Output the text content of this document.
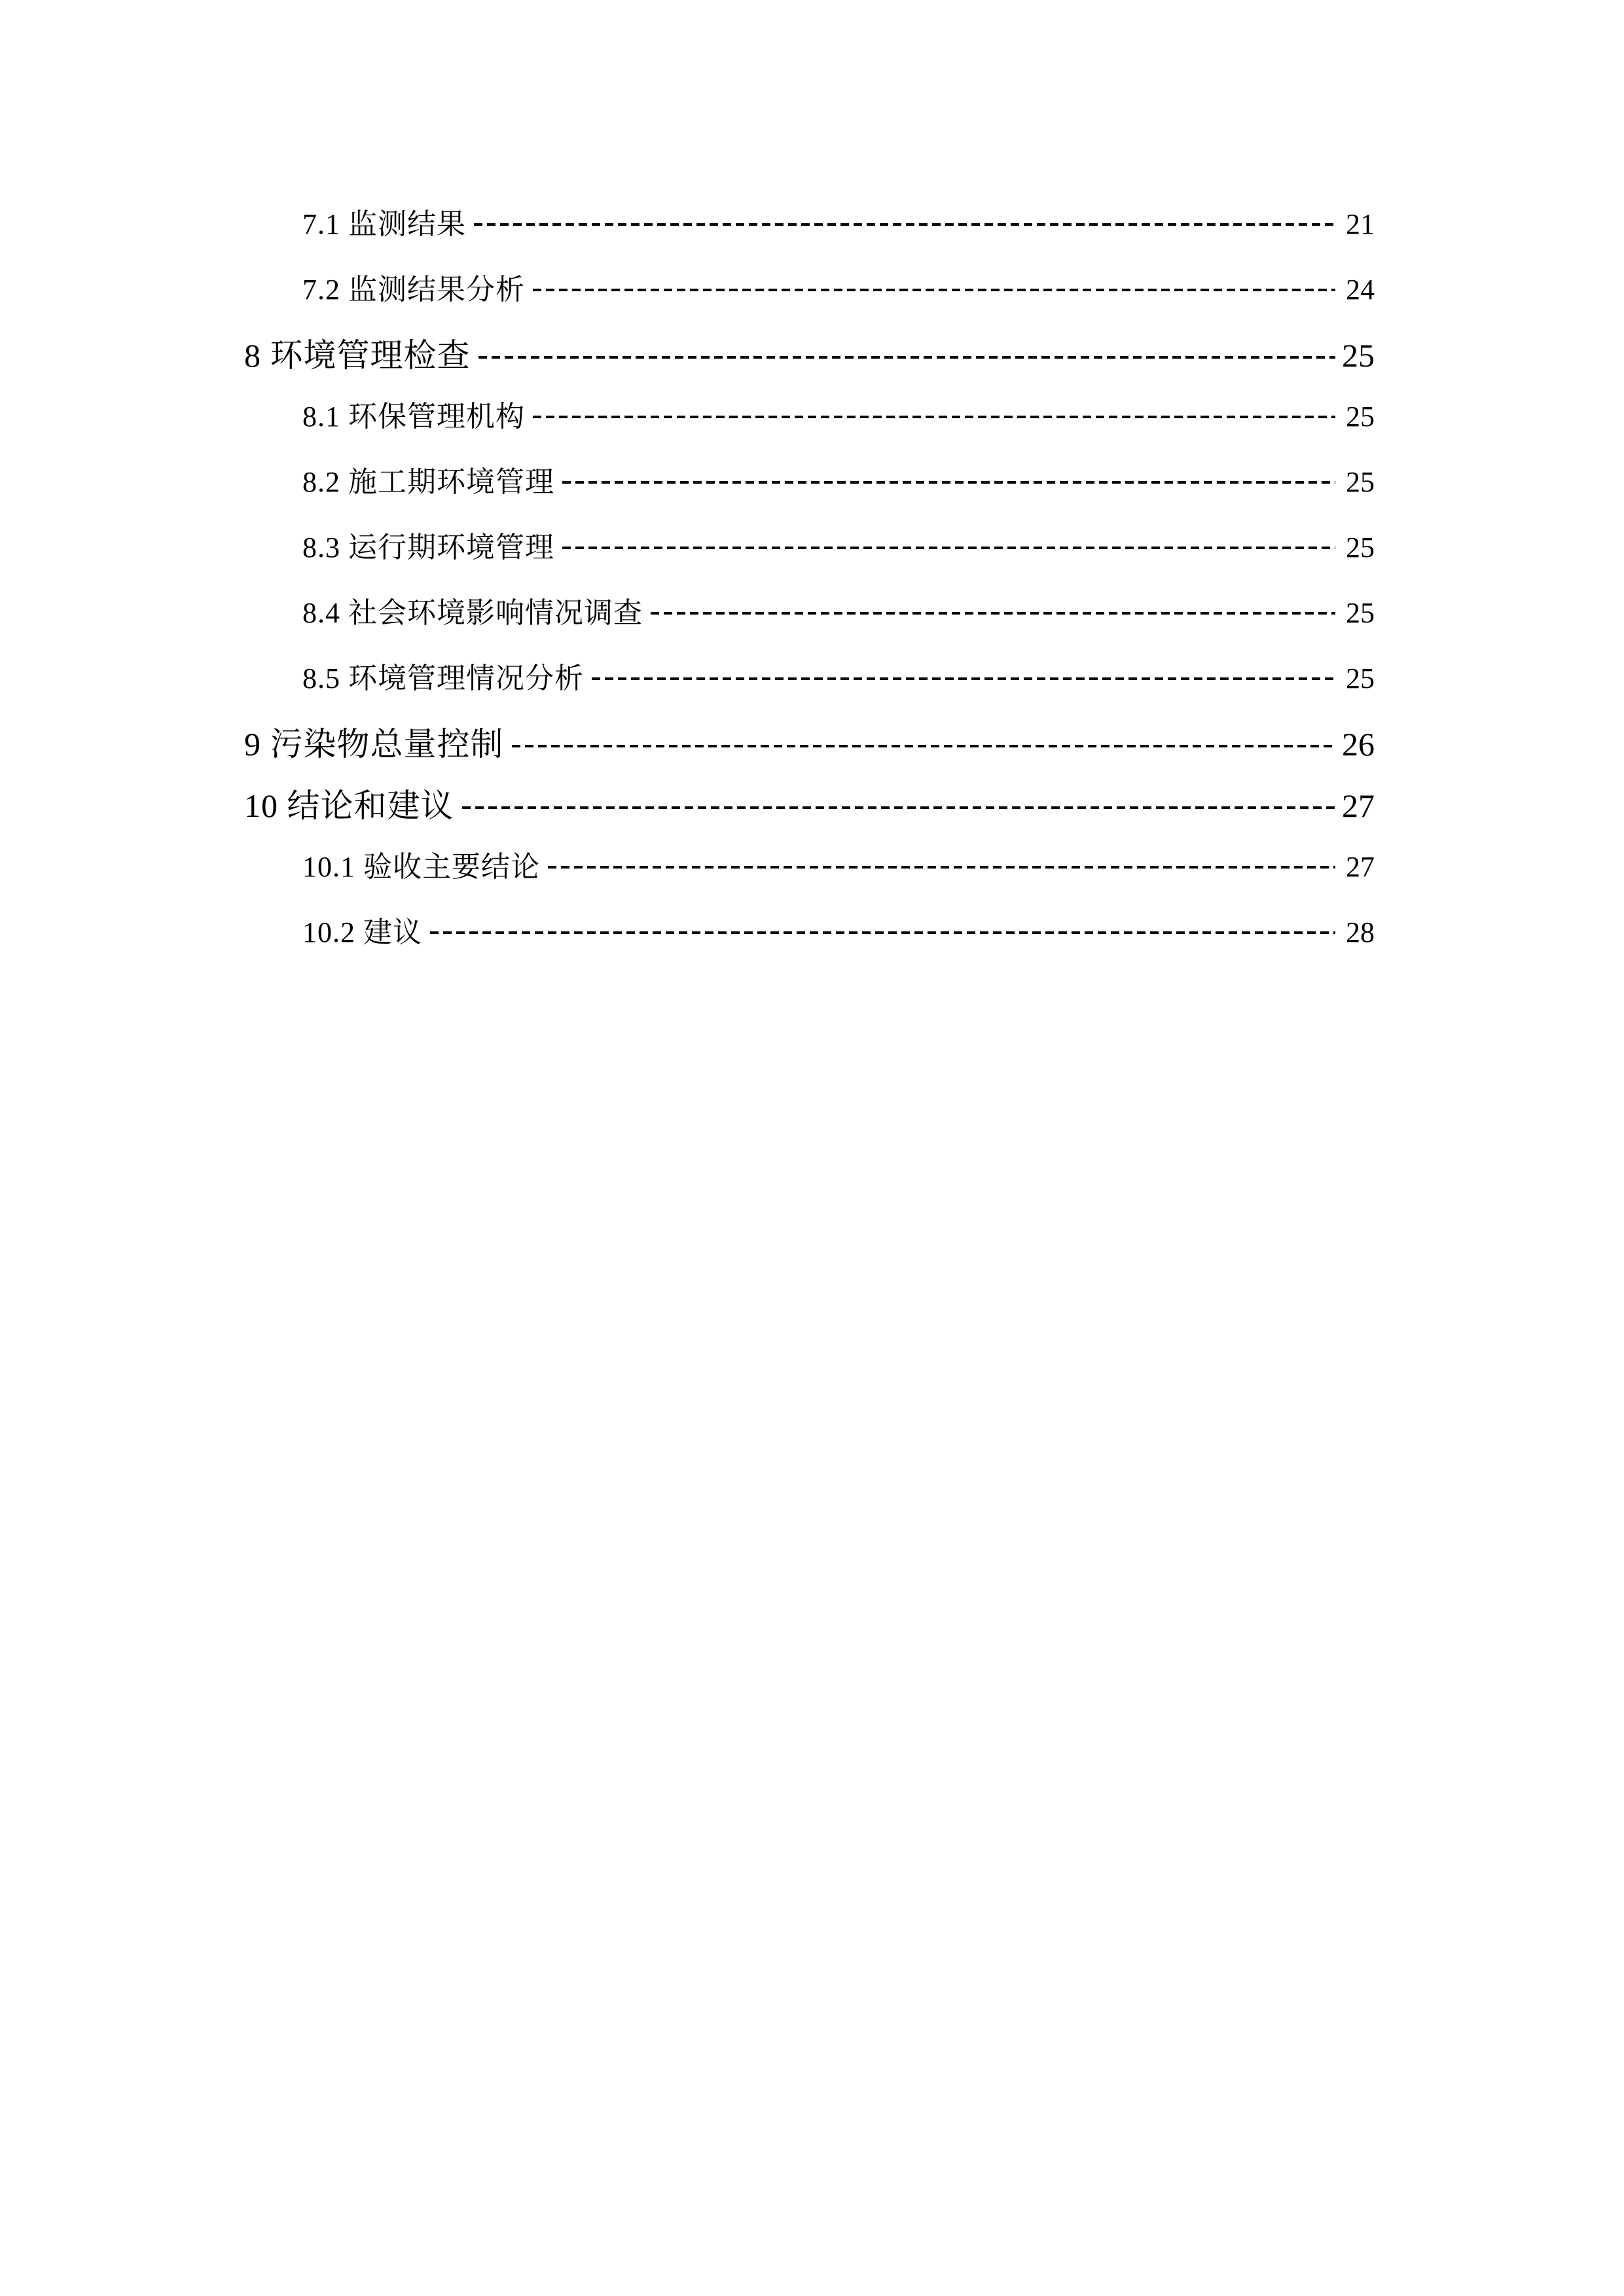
7.1 监测结果	21
7.2 监测结果分析	24
8 环境管理检查	25
8.1 环保管理机构	25
8.2 施工期环境管理	25
8.3 运行期环境管理	25
8.4 社会环境影响情况调查	25
8.5 环境管理情况分析	25
9 污染物总量控制	26
10 结论和建议	27
10.1 验收主要结论	27
10.2 建议	28
